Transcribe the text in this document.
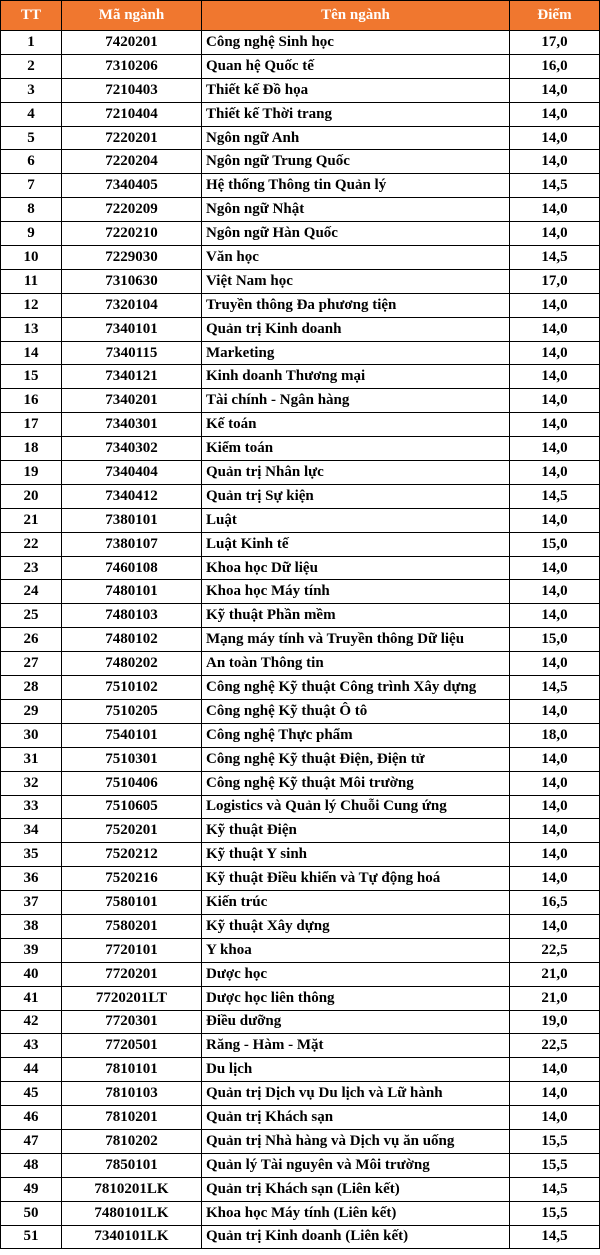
TT	Mã ngành	Tên ngành	Điểm
1	7420201	Công nghệ Sinh học	17,0
2	7310206	Quan hệ Quốc tế	16,0
3	7210403	Thiết kế Đồ họa	14,0
4	7210404	Thiết kế Thời trang	14,0
5	7220201	Ngôn ngữ Anh	14,0
6	7220204	Ngôn ngữ Trung Quốc	14,0
7	7340405	Hệ thống Thông tin Quản lý	14,5
8	7220209	Ngôn ngữ Nhật	14,0
9	7220210	Ngôn ngữ Hàn Quốc	14,0
10	7229030	Văn học	14,5
11	7310630	Việt Nam học	17,0
12	7320104	Truyền thông Đa phương tiện	14,0
13	7340101	Quản trị Kinh doanh	14,0
14	7340115	Marketing	14,0
15	7340121	Kinh doanh Thương mại	14,0
16	7340201	Tài chính - Ngân hàng	14,0
17	7340301	Kế toán	14,0
18	7340302	Kiểm toán	14,0
19	7340404	Quản trị Nhân lực	14,0
20	7340412	Quản trị Sự kiện	14,5
21	7380101	Luật	14,0
22	7380107	Luật Kinh tế	15,0
23	7460108	Khoa học Dữ liệu	14,0
24	7480101	Khoa học Máy tính	14,0
25	7480103	Kỹ thuật Phần mềm	14,0
26	7480102	Mạng máy tính và Truyền thông Dữ liệu	15,0
27	7480202	An toàn Thông tin	14,0
28	7510102	Công nghệ Kỹ thuật Công trình Xây dựng	14,5
29	7510205	Công nghệ Kỹ thuật Ô tô	14,0
30	7540101	Công nghệ Thực phẩm	18,0
31	7510301	Công nghệ Kỹ thuật Điện, Điện tử	14,0
32	7510406	Công nghệ Kỹ thuật Môi trường	14,0
33	7510605	Logistics và Quản lý Chuỗi Cung ứng	14,0
34	7520201	Kỹ thuật Điện	14,0
35	7520212	Kỹ thuật Y sinh	14,0
36	7520216	Kỹ thuật Điều khiển và Tự động hoá	14,0
37	7580101	Kiến trúc	16,5
38	7580201	Kỹ thuật Xây dựng	14,0
39	7720101	Y khoa	22,5
40	7720201	Dược học	21,0
41	7720201LT	Dược học liên thông	21,0
42	7720301	Điều dưỡng	19,0
43	7720501	Răng - Hàm - Mặt	22,5
44	7810101	Du lịch	14,0
45	7810103	Quản trị Dịch vụ Du lịch và Lữ hành	14,0
46	7810201	Quản trị Khách sạn	14,0
47	7810202	Quản trị Nhà hàng và Dịch vụ ăn uống	15,5
48	7850101	Quản lý Tài nguyên và Môi trường	15,5
49	7810201LK	Quản trị Khách sạn (Liên kết)	14,5
50	7480101LK	Khoa học Máy tính (Liên kết)	15,5
51	7340101LK	Quản trị Kinh doanh (Liên kết)	14,5
